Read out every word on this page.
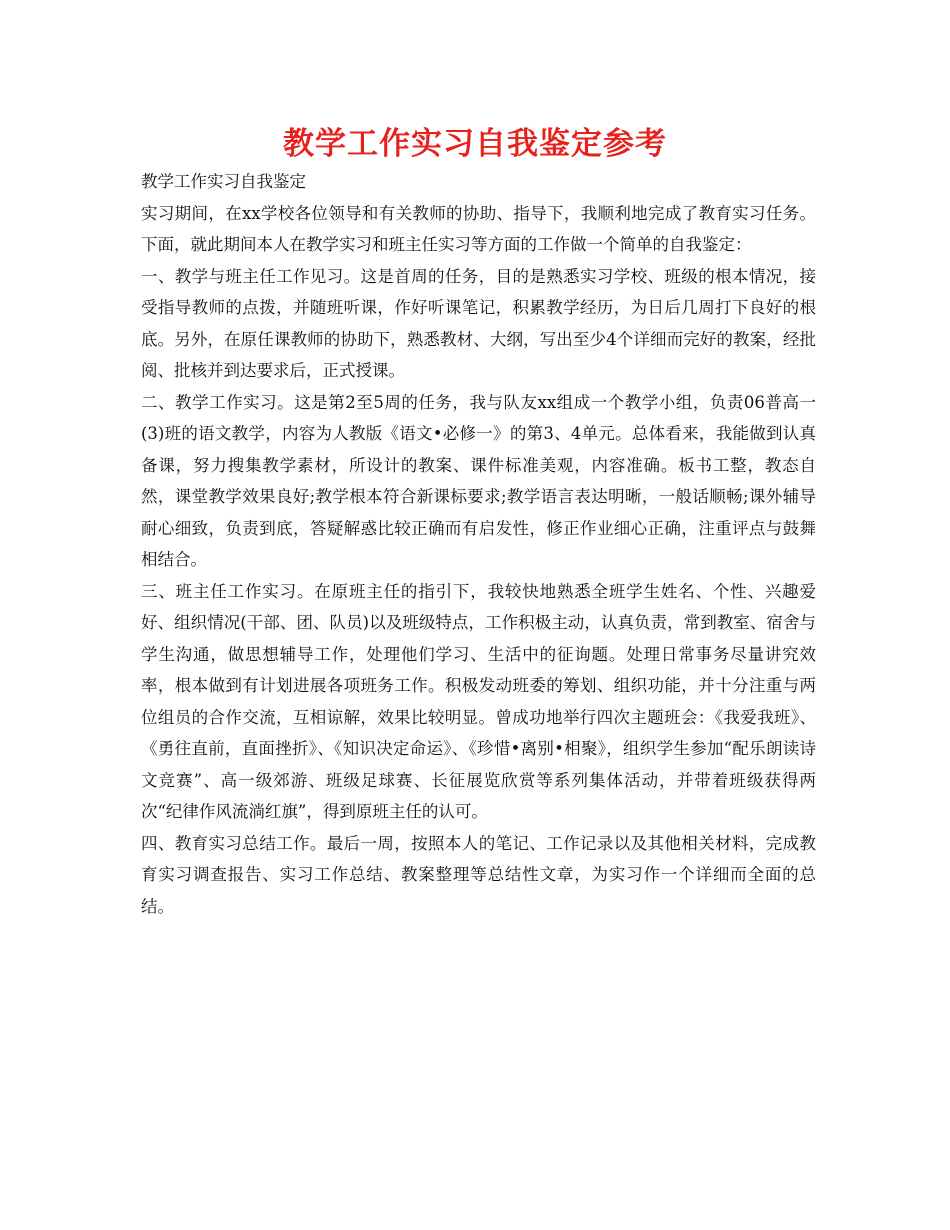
教学工作实习自我鉴定参考

教学工作实习自我鉴定

实习期间，在xx学校各位领导和有关教师的协助、指导下，我顺利地完成了教育实习任务。下面，就此期间本人在教学实习和班主任实习等方面的工作做一个简单的自我鉴定：

一、教学与班主任工作见习。这是首周的任务，目的是熟悉实习学校、班级的根本情况，接受指导教师的点拨，并随班听课，作好听课笔记，积累教学经历，为日后几周打下良好的根底。另外，在原任课教师的协助下，熟悉教材、大纲，写出至少4个详细而完好的教案，经批阅、批核并到达要求后，正式授课。

二、教学工作实习。这是第2至5周的任务，我与队友xx组成一个教学小组，负责06普高一(3)班的语文教学，内容为人教版《语文•必修一》的第3、4单元。总体看来，我能做到认真备课，努力搜集教学素材，所设计的教案、课件标准美观，内容准确。板书工整，教态自然，课堂教学效果良好;教学根本符合新课标要求;教学语言表达明晰，一般话顺畅;课外辅导耐心细致，负责到底，答疑解惑比较正确而有启发性，修正作业细心正确，注重评点与鼓舞相结合。

三、班主任工作实习。在原班主任的指引下，我较快地熟悉全班学生姓名、个性、兴趣爱好、组织情况(干部、团、队员)以及班级特点，工作积极主动，认真负责，常到教室、宿舍与学生沟通，做思想辅导工作，处理他们学习、生活中的征询题。处理日常事务尽量讲究效率，根本做到有计划进展各项班务工作。积极发动班委的筹划、组织功能，并十分注重与两位组员的合作交流，互相谅解，效果比较明显。曾成功地举行四次主题班会：《我爱我班》、《勇往直前，直面挫折》、《知识决定命运》、《珍惜•离别•相聚》，组织学生参加“配乐朗读诗文竞赛”、高一级郊游、班级足球赛、长征展览欣赏等系列集体活动，并带着班级获得两次“纪律作风流淌红旗”，得到原班主任的认可。

四、教育实习总结工作。最后一周，按照本人的笔记、工作记录以及其他相关材料，完成教育实习调查报告、实习工作总结、教案整理等总结性文章，为实习作一个详细而全面的总结。
